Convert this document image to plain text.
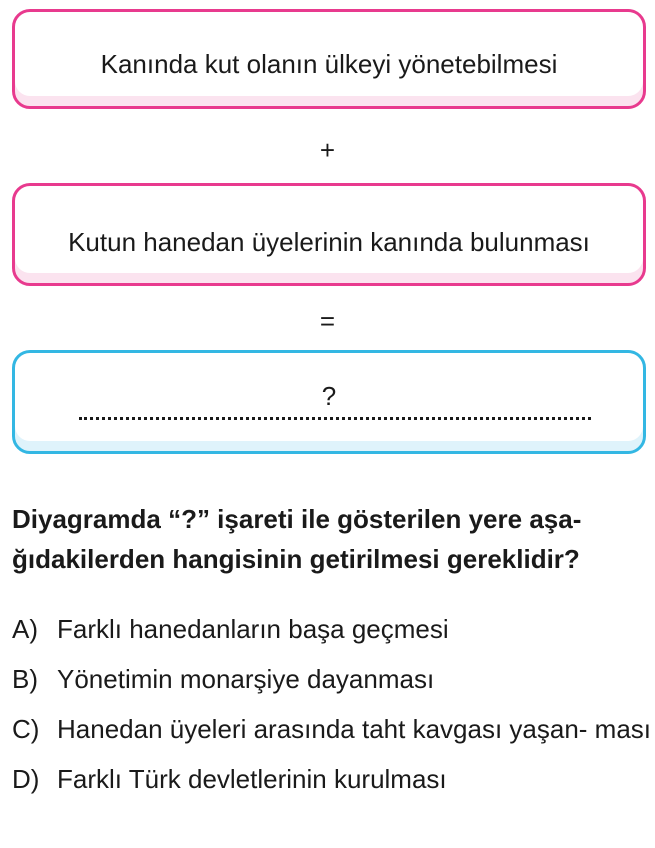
Kanında kut olanın ülkeyi yönetebilmesi
+
Kutun hanedan üyelerinin kanında bulunması
=
?
Diyagramda “?” işareti ile gösterilen yere aşa-
ğıdakilerden hangisinin getirilmesi gereklidir?
A) Farklı hanedanların başa geçmesi
B) Yönetimin monarşiye dayanması
C) Hanedan üyeleri arasında taht kavgası yaşan- ması
D) Farklı Türk devletlerinin kurulması
